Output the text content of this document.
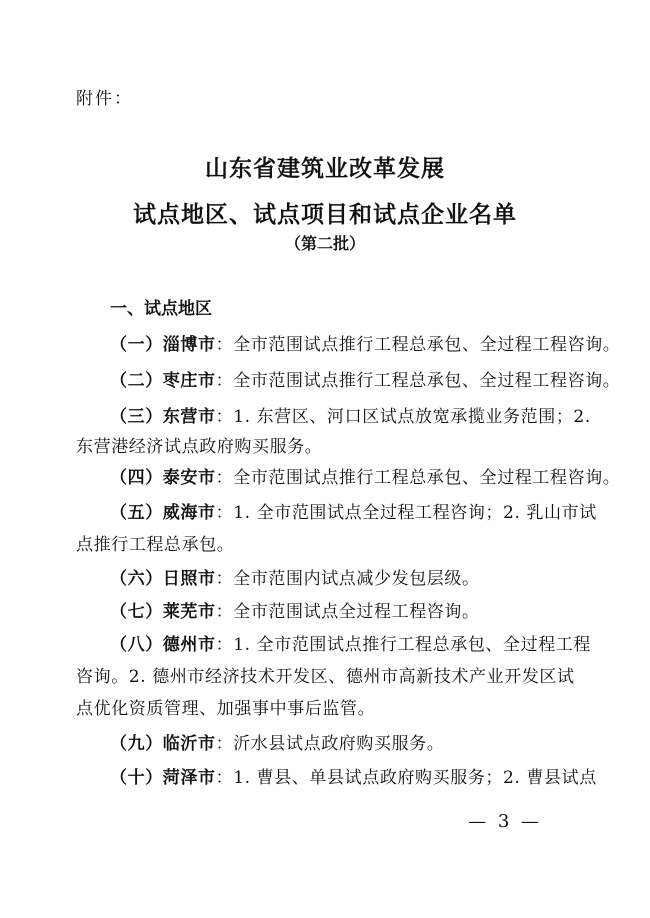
附件：
山东省建筑业改革发展
试点地区、试点项目和试点企业名单
（第二批）
一、试点地区
（一）淄博市：全市范围试点推行工程总承包、全过程工程咨询。
（二）枣庄市：全市范围试点推行工程总承包、全过程工程咨询。
（三）东营市：1. 东营区、河口区试点放宽承揽业务范围；2.
东营港经济试点政府购买服务。
（四）泰安市：全市范围试点推行工程总承包、全过程工程咨询。
（五）威海市：1. 全市范围试点全过程工程咨询；2. 乳山市试
点推行工程总承包。
（六）日照市：全市范围内试点减少发包层级。
（七）莱芜市：全市范围试点全过程工程咨询。
（八）德州市：1. 全市范围试点推行工程总承包、全过程工程
咨询。2. 德州市经济技术开发区、德州市高新技术产业开发区试
点优化资质管理、加强事中事后监管。
（九）临沂市：沂水县试点政府购买服务。
（十）菏泽市：1. 曹县、单县试点政府购买服务；2. 曹县试点
— 3 —
